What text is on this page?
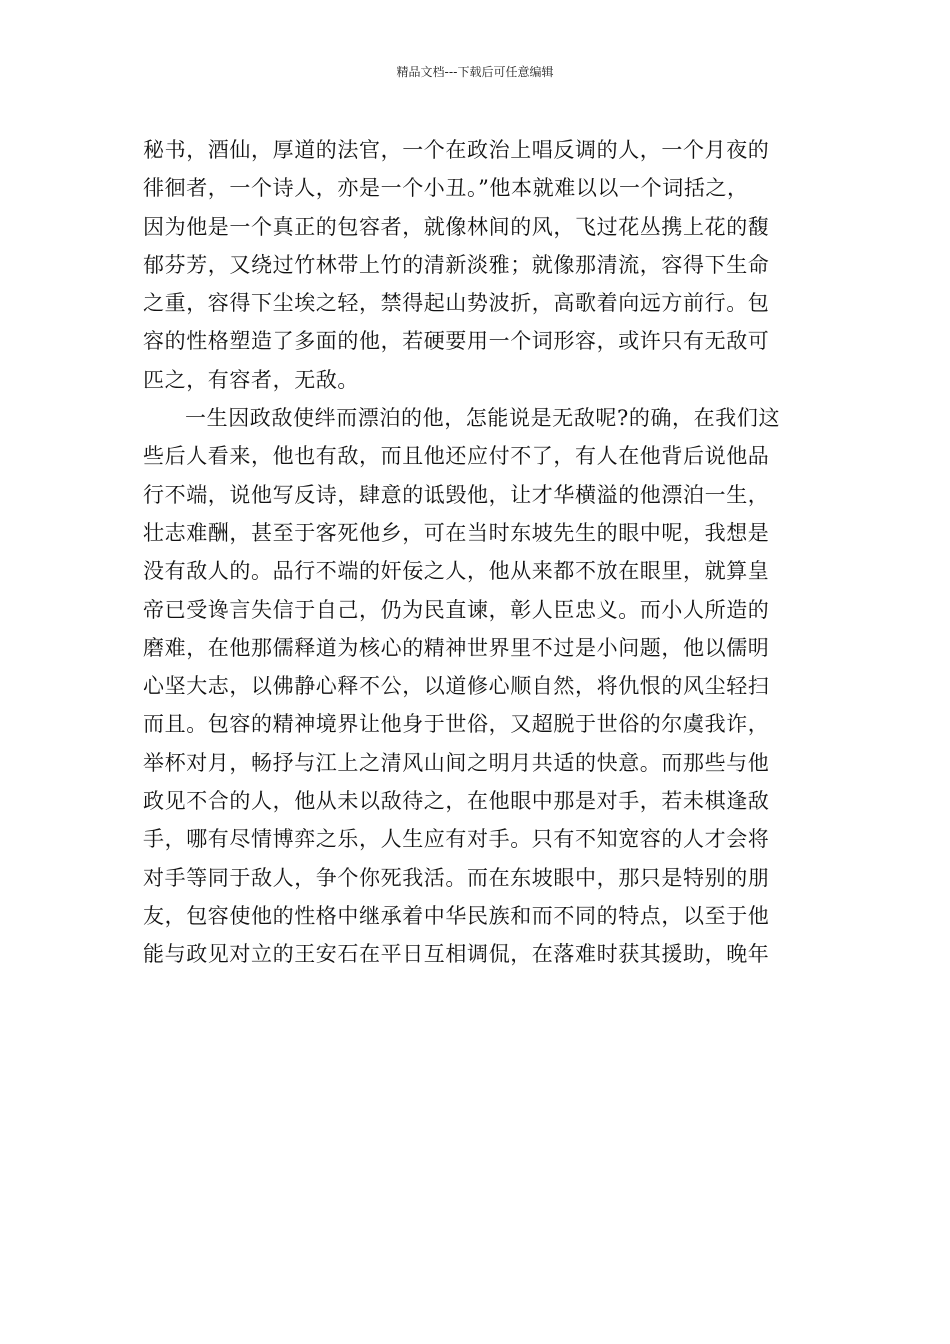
精品文档---下载后可任意编辑
秘书，酒仙，厚道的法官，一个在政治上唱反调的人，一个月夜的
徘徊者，一个诗人，亦是一个小丑。”他本就难以以一个词括之，
因为他是一个真正的包容者，就像林间的风，飞过花丛携上花的馥
郁芬芳，又绕过竹林带上竹的清新淡雅；就像那清流，容得下生命
之重，容得下尘埃之轻，禁得起山势波折，高歌着向远方前行。包
容的性格塑造了多面的他，若硬要用一个词形容，或许只有无敌可
匹之，有容者，无敌。
一生因政敌使绊而漂泊的他，怎能说是无敌呢?的确，在我们这
些后人看来，他也有敌，而且他还应付不了，有人在他背后说他品
行不端，说他写反诗，肆意的诋毁他，让才华横溢的他漂泊一生，
壮志难酬，甚至于客死他乡，可在当时东坡先生的眼中呢，我想是
没有敌人的。品行不端的奸佞之人，他从来都不放在眼里，就算皇
帝已受谗言失信于自己，仍为民直谏，彰人臣忠义。而小人所造的
磨难，在他那儒释道为核心的精神世界里不过是小问题，他以儒明
心坚大志，以佛静心释不公，以道修心顺自然，将仇恨的风尘轻扫
而且。包容的精神境界让他身于世俗，又超脱于世俗的尔虞我诈，
举杯对月，畅抒与江上之清风山间之明月共适的快意。而那些与他
政见不合的人，他从未以敌待之，在他眼中那是对手，若未棋逢敌
手，哪有尽情博弈之乐，人生应有对手。只有不知宽容的人才会将
对手等同于敌人，争个你死我活。而在东坡眼中，那只是特别的朋
友，包容使他的性格中继承着中华民族和而不同的特点，以至于他
能与政见对立的王安石在平日互相调侃，在落难时获其援助，晚年
